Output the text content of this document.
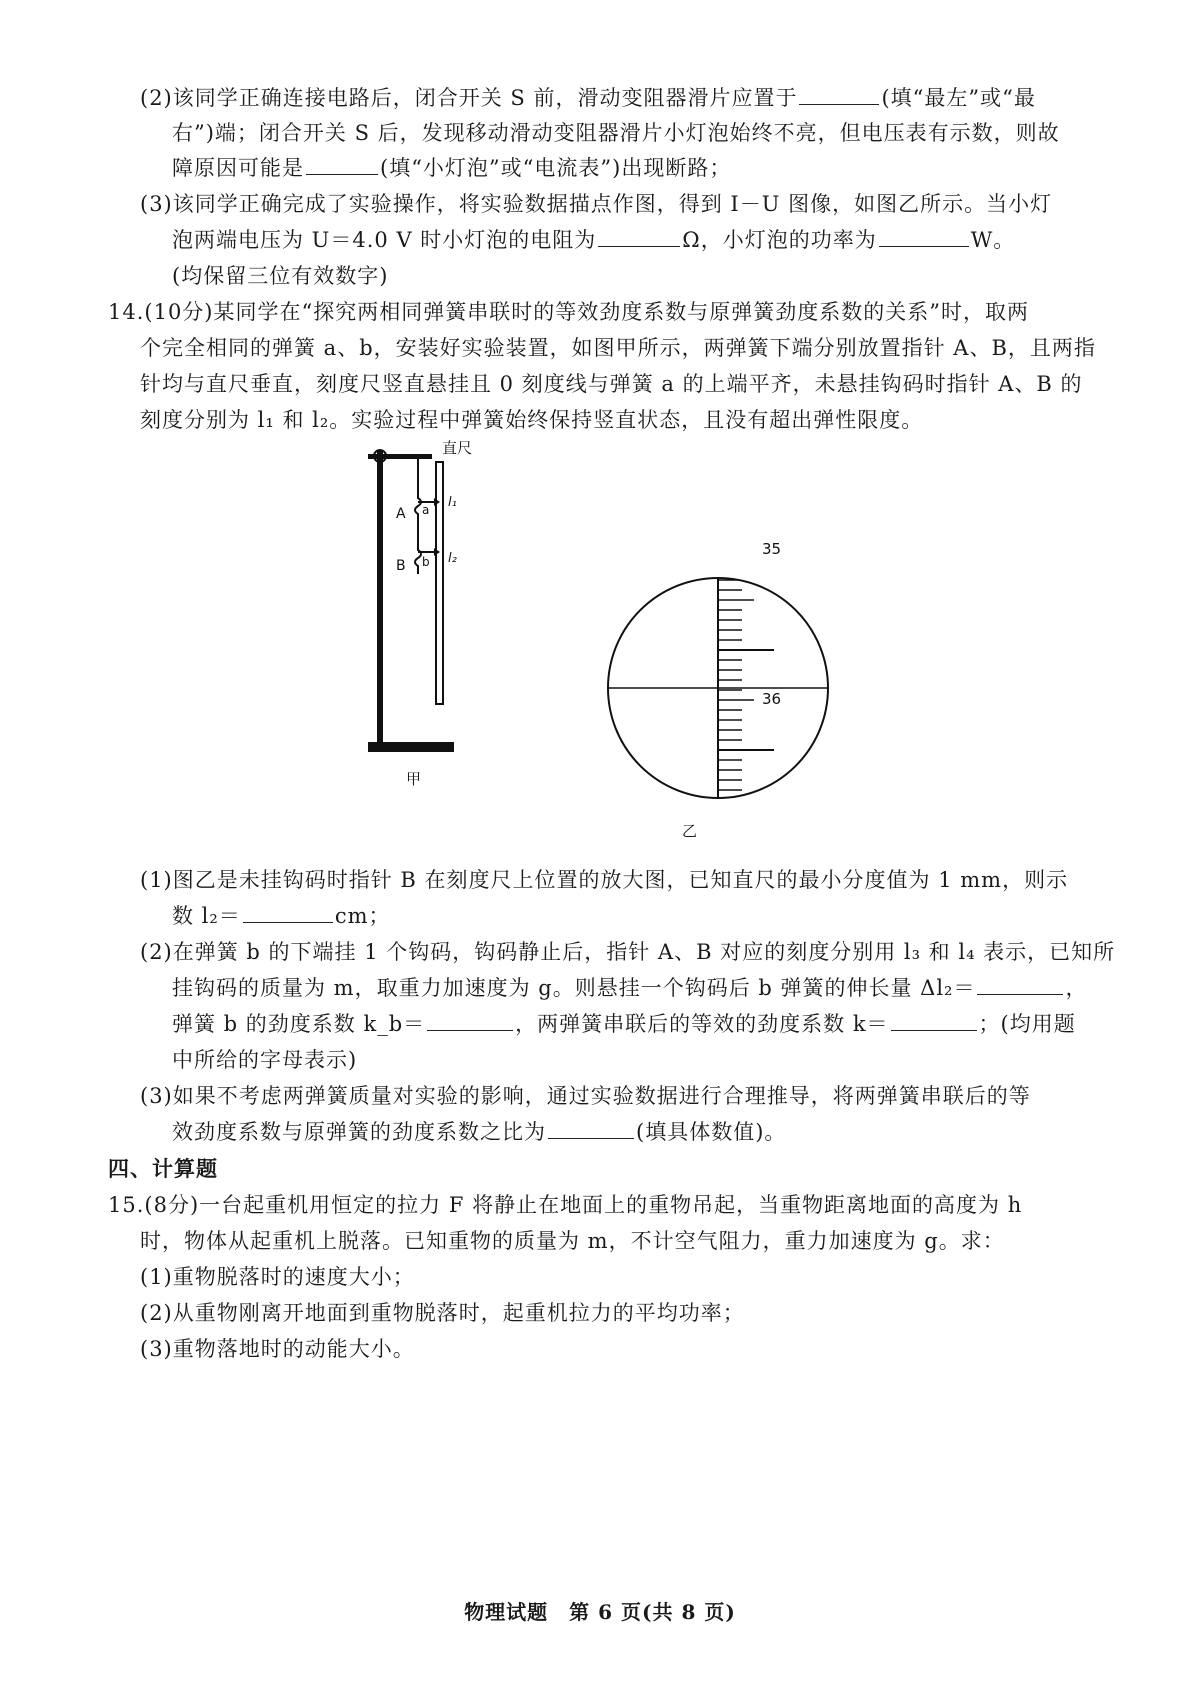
(2)该同学正确连接电路后，闭合开关 S 前，滑动变阻器滑片应置于	(填“最左”或“最
右”)端；闭合开关 S 后，发现移动滑动变阻器滑片小灯泡始终不亮，但电压表有示数，则故
障原因可能是	(填“小灯泡”或“电流表”)出现断路；
(3)该同学正确完成了实验操作，将实验数据描点作图，得到 I－U 图像，如图乙所示。当小灯
泡两端电压为 U＝4.0 V 时小灯泡的电阻为	Ω，小灯泡的功率为	W。
(均保留三位有效数字)
14.(10分)某同学在“探究两相同弹簧串联时的等效劲度系数与原弹簧劲度系数的关系”时，取两
个完全相同的弹簧 a、b，安装好实验装置，如图甲所示，两弹簧下端分别放置指针 A、B，且两指
针均与直尺垂直，刻度尺竖直悬挂且 0 刻度线与弹簧 a 的上端平齐，未悬挂钩码时指针 A、B 的
刻度分别为 l₁ 和 l₂。实验过程中弹簧始终保持竖直状态，且没有超出弹性限度。
直尺
A a
B b
l₁
l₂
甲
35
36
乙
(1)图乙是未挂钩码时指针 B 在刻度尺上位置的放大图，已知直尺的最小分度值为 1 mm，则示
数 l₂＝	cm；
(2)在弹簧 b 的下端挂 1 个钩码，钩码静止后，指针 A、B 对应的刻度分别用 l₃ 和 l₄ 表示，已知所
挂钩码的质量为 m，取重力加速度为 g。则悬挂一个钩码后 b 弹簧的伸长量 Δl₂＝	，
弹簧 b 的劲度系数 k_b＝	，两弹簧串联后的等效的劲度系数 k＝	；(均用题
中所给的字母表示)
(3)如果不考虑两弹簧质量对实验的影响，通过实验数据进行合理推导，将两弹簧串联后的等
效劲度系数与原弹簧的劲度系数之比为	(填具体数值)。
四、计算题
15.(8分)一台起重机用恒定的拉力 F 将静止在地面上的重物吊起，当重物距离地面的高度为 h
时，物体从起重机上脱落。已知重物的质量为 m，不计空气阻力，重力加速度为 g。求：
(1)重物脱落时的速度大小；
(2)从重物刚离开地面到重物脱落时，起重机拉力的平均功率；
(3)重物落地时的动能大小。
物理试题　第 6 页(共 8 页)
